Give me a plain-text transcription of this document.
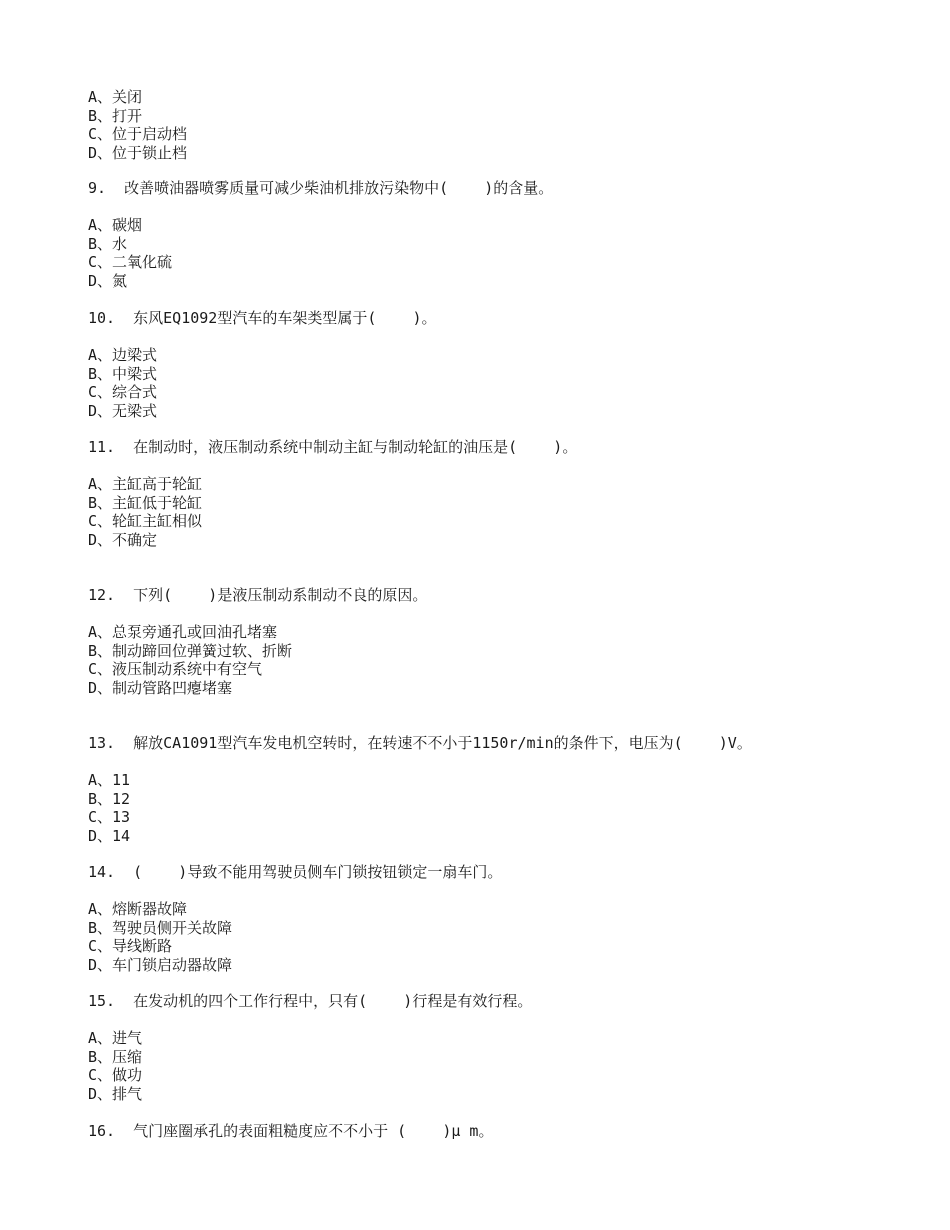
A、关闭
B、打开
C、位于启动档
D、位于锁止档
9.  改善喷油器喷雾质量可减少柴油机排放污染物中(    )的含量。
A、碳烟
B、水
C、二氧化硫
D、氮
10.  东风EQ1092型汽车的车架类型属于(    )。
A、边梁式
B、中梁式
C、综合式
D、无梁式
11.  在制动时，液压制动系统中制动主缸与制动轮缸的油压是(    )。
A、主缸高于轮缸
B、主缸低于轮缸
C、轮缸主缸相似
D、不确定
12.  下列(    )是液压制动系制动不良的原因。
A、总泵旁通孔或回油孔堵塞
B、制动蹄回位弹簧过软、折断
C、液压制动系统中有空气
D、制动管路凹瘪堵塞
13.  解放CA1091型汽车发电机空转时，在转速不不小于1150r/min的条件下，电压为(    )V。
A、11
B、12
C、13
D、14
14.  (    )导致不能用驾驶员侧车门锁按钮锁定一扇车门。
A、熔断器故障
B、驾驶员侧开关故障
C、导线断路
D、车门锁启动器故障
15.  在发动机的四个工作行程中，只有(    )行程是有效行程。
A、进气
B、压缩
C、做功
D、排气
16.  气门座圈承孔的表面粗糙度应不不小于 (    )μ m。
